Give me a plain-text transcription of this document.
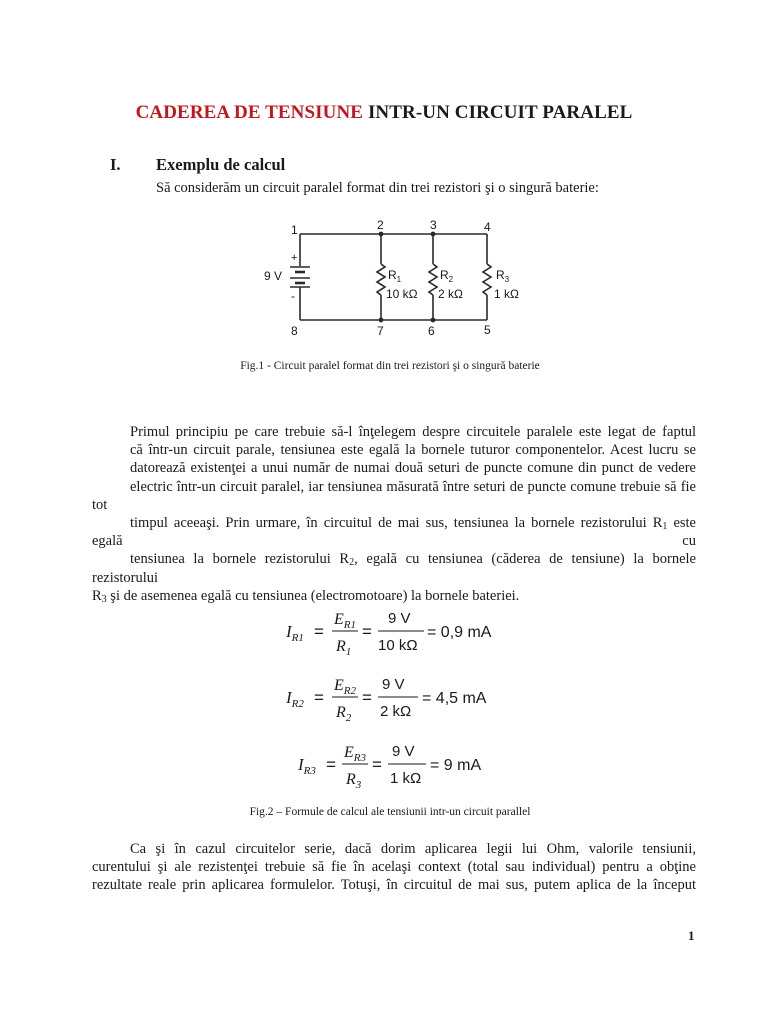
CADEREA DE TENSIUNE INTR-UN CIRCUIT PARALEL
I. Exemplu de calcul
Să considerăm un circuit paralel format din trei rezistori şi o singură baterie:
1	2	3	4
5
6
7
8
9 V
+
-
$R_1$
10 kΩ
$R_2$
2 kΩ
$R_3$
1 kΩ
Fig.1 - Circuit paralel format din trei rezistori şi o singură baterie
Primul principiu pe care trebuie să-l înţelegem despre circuitele paralele este legat de faptul
că într-un circuit parale, tensiunea este egală la bornele tuturor componentelor. Acest lucru se
datorează existenţei a unui număr de numai două seturi de puncte comune din punct de vedere
electric într-un circuit paralel, iar tensiunea măsurată între seturi de puncte comune trebuie să fie tot
timpul aceeaşi. Prin urmare, în circuitul de mai sus, tensiunea la bornele rezistorului $R_1$ este egală cu
tensiunea la bornele rezistorului $R_2$, egală cu tensiunea (căderea de tensiune) la bornele rezistorului
$R_3$ şi de asemenea egală cu tensiunea (electromotoare) la bornele bateriei.
$I_{R1}$ =
$E_{R1}$
$R_1$
=
9 V
10 kΩ
= 0,9 mA
$I_{R2}$ =
$E_{R2}$
$R_2$
=
9 V
2 kΩ
= 4,5 mA
$I_{R3}$ =
$E_{R3}$
$R_3$
=
9 V
1 kΩ
= 9 mA
Fig.2 – Formule de calcul ale tensiunii intr-un circuit parallel
Ca şi în cazul circuitelor serie, dacă dorim aplicarea legii lui Ohm, valorile tensiunii,
curentului şi ale rezistenţei trebuie să fie în acelaşi context (total sau individual) pentru a obţine
rezultate reale prin aplicarea formulelor. Totuşi, în circuitul de mai sus, putem aplica de la început
1
